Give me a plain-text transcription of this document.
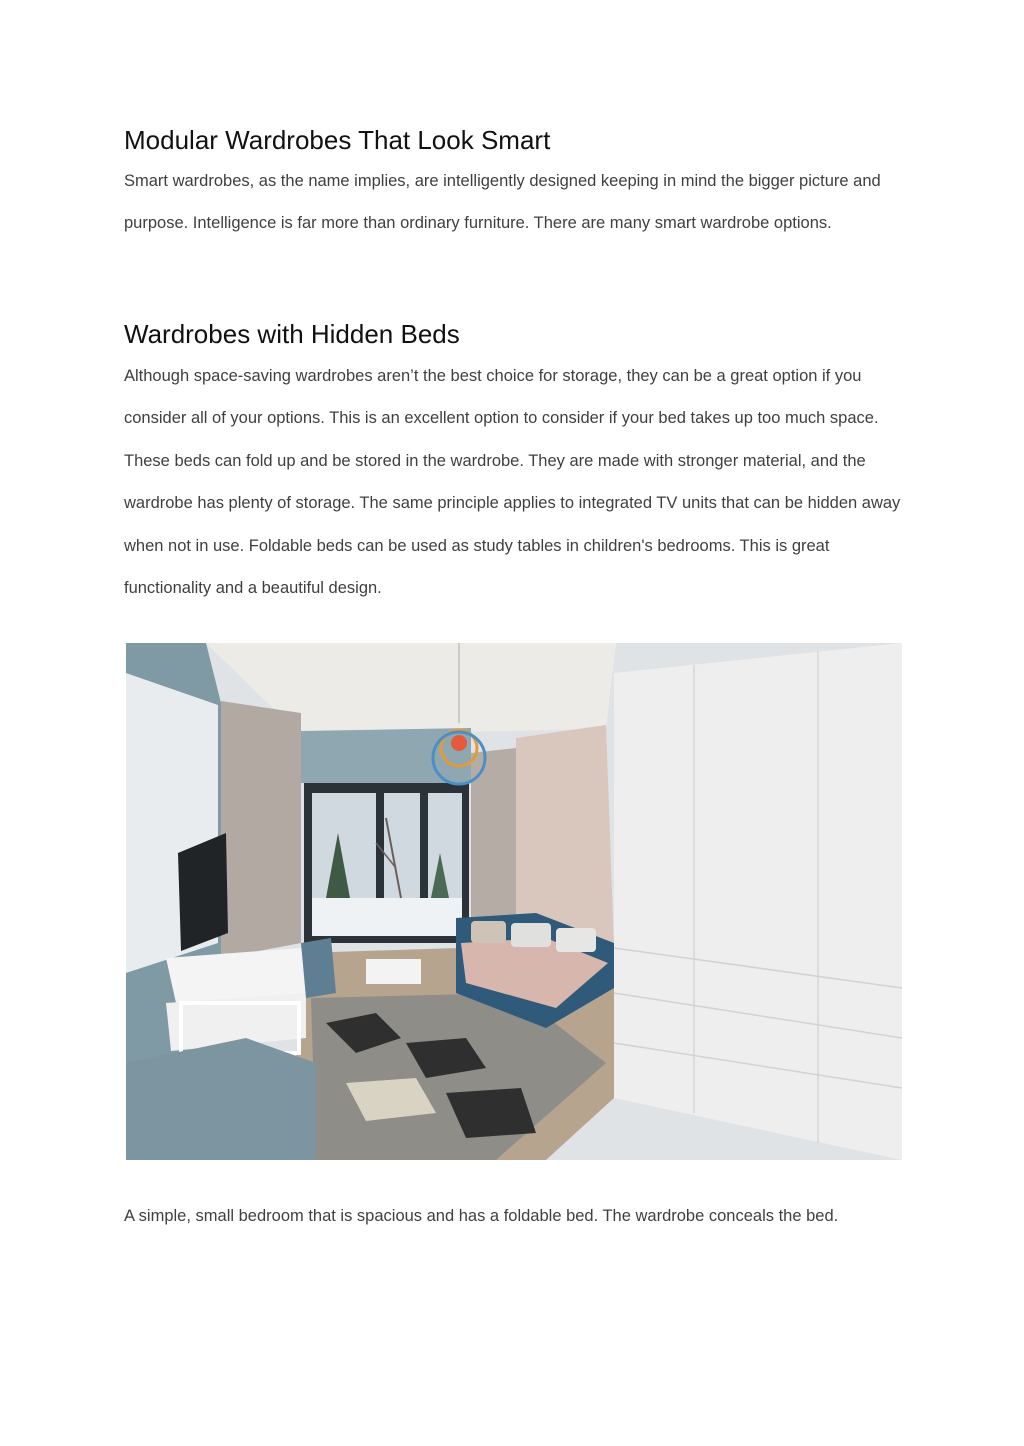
Modular Wardrobes That Look Smart

Smart wardrobes, as the name implies, are intelligently designed keeping in mind the bigger picture and purpose. Intelligence is far more than ordinary furniture. There are many smart wardrobe options.

Wardrobes with Hidden Beds

Although space-saving wardrobes aren’t the best choice for storage, they can be a great option if you consider all of your options. This is an excellent option to consider if your bed takes up too much space. These beds can fold up and be stored in the wardrobe. They are made with stronger material, and the wardrobe has plenty of storage. The same principle applies to integrated TV units that can be hidden away when not in use. Foldable beds can be used as study tables in children's bedrooms. This is great functionality and a beautiful design.

A simple, small bedroom that is spacious and has a foldable bed. The wardrobe conceals the bed.
